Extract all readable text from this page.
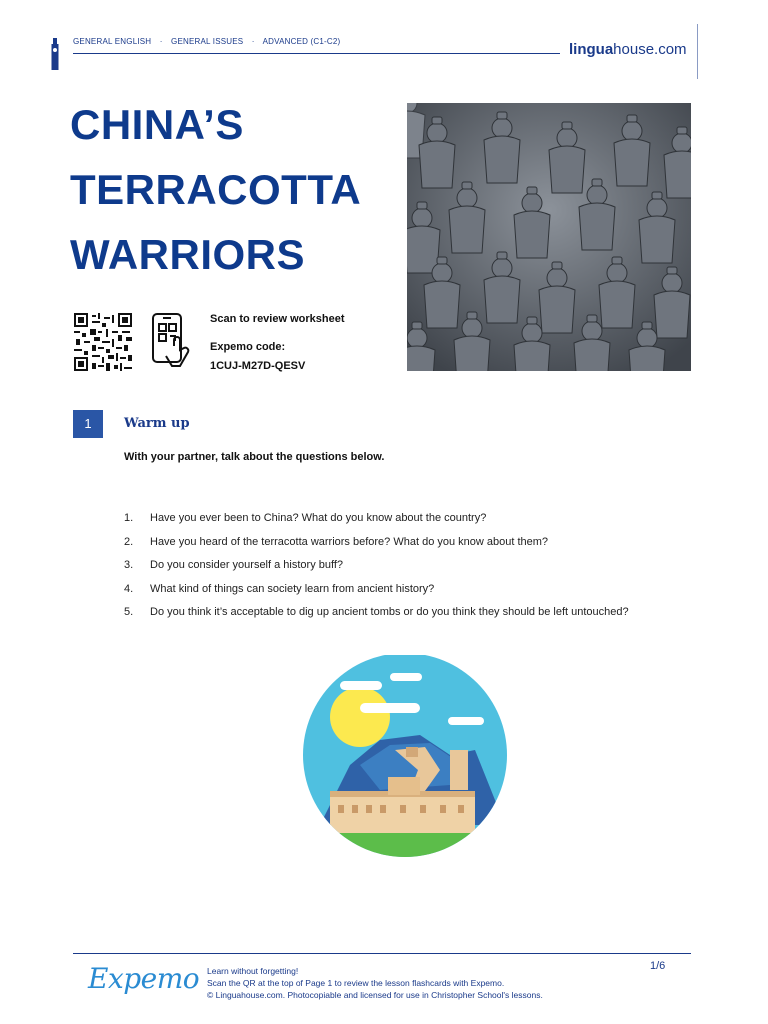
GENERAL ENGLISH · GENERAL ISSUES · ADVANCED (C1-C2)	linguahouse.com
CHINA’S
TERRACOTTA
WARRIORS
Scan to review worksheet
Expemo code:
1CUJ-M27D-QESV
1	Warm up
With your partner, talk about the questions below.
1.	Have you ever been to China? What do you know about the country?
2.	Have you heard of the terracotta warriors before? What do you know about them?
3.	Do you consider yourself a history buff?
4.	What kind of things can society learn from ancient history?
5.	Do you think it’s acceptable to dig up ancient tombs or do you think they should be left untouched?
Expemo Learn without forgetting!
Scan the QR at the top of Page 1 to review the lesson flashcards with Expemo.
© Linguahouse.com. Photocopiable and licensed for use in Christopher School's lessons.
1/6
